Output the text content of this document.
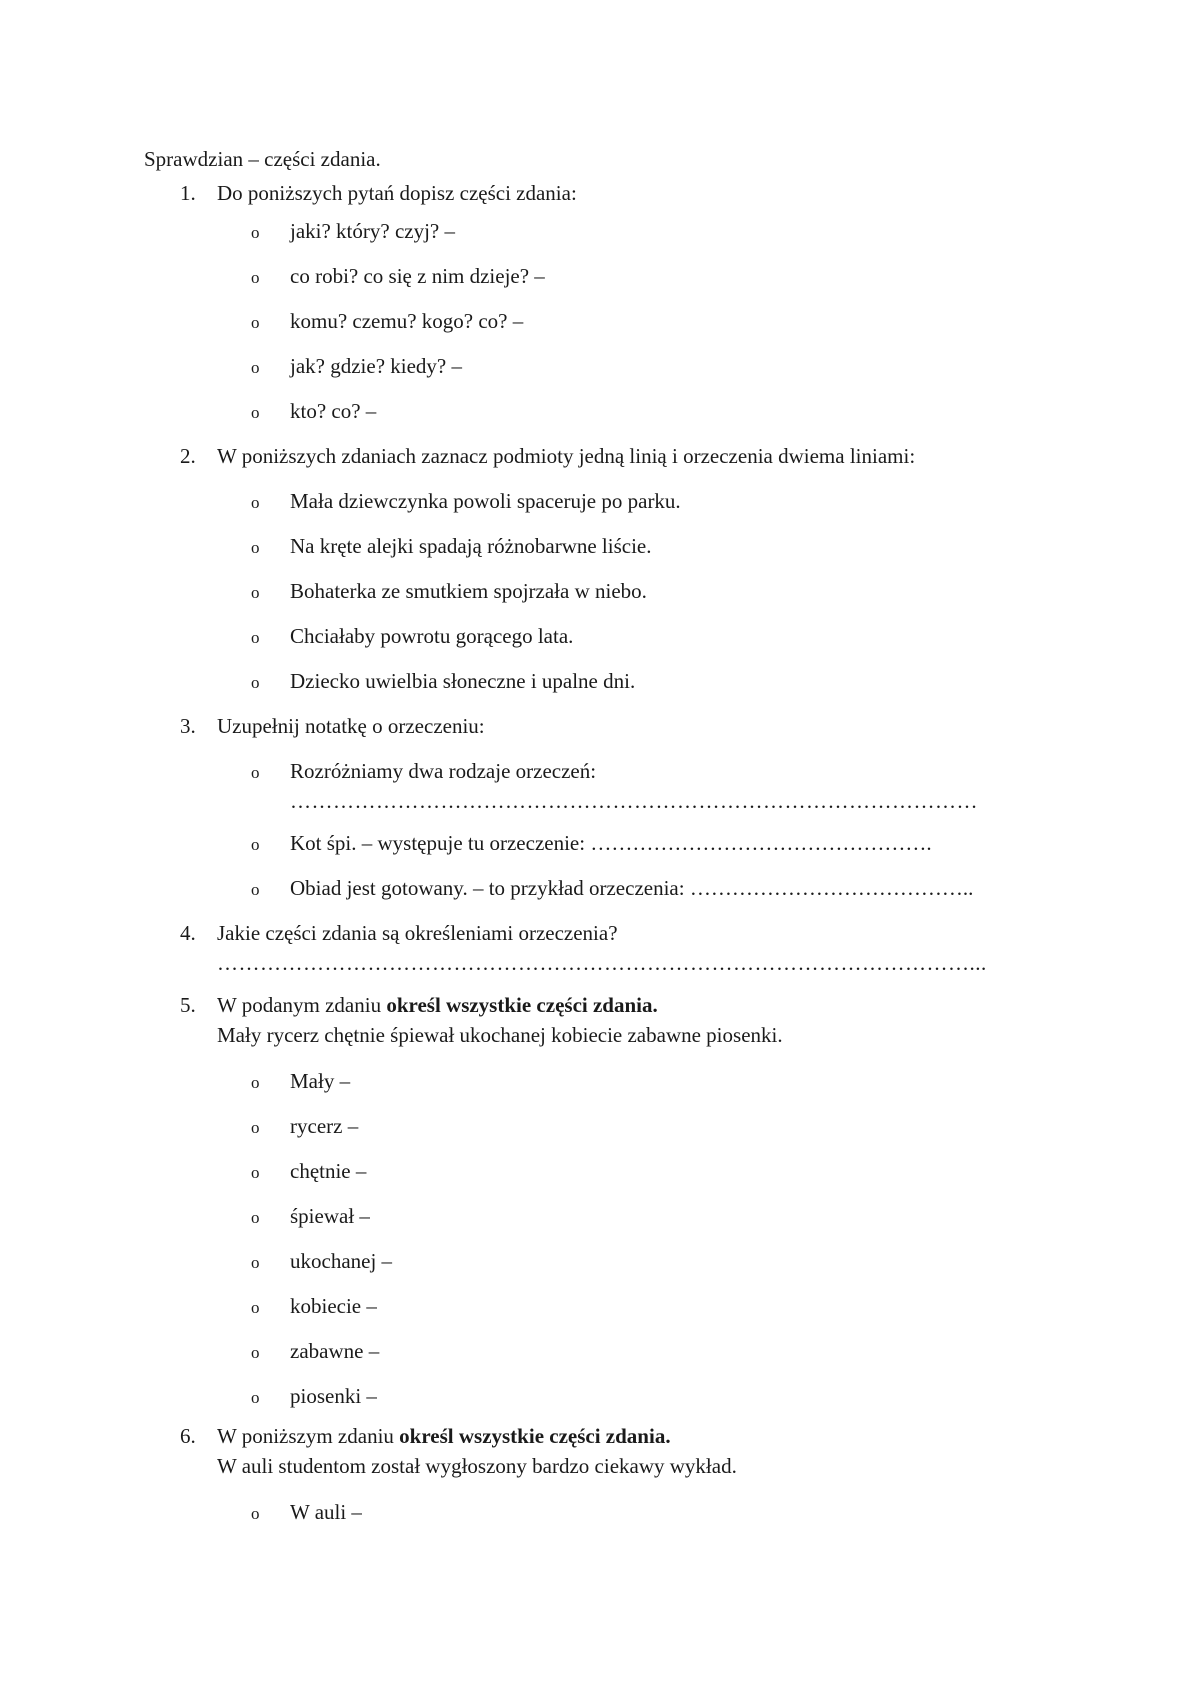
Sprawdzian – części zdania.
1. Do poniższych pytań dopisz części zdania:
o jaki? który? czyj? –
o co robi? co się z nim dzieje? –
o komu? czemu? kogo? co? –
o jak? gdzie? kiedy? –
o kto? co? –
2. W poniższych zdaniach zaznacz podmioty jedną linią i orzeczenia dwiema liniami:
o Mała dziewczynka powoli spaceruje po parku.
o Na kręte alejki spadają różnobarwne liście.
o Bohaterka ze smutkiem spojrzała w niebo.
o Chciałaby powrotu gorącego lata.
o Dziecko uwielbia słoneczne i upalne dni.
3. Uzupełnij notatkę o orzeczeniu:
o Rozróżniamy dwa rodzaje orzeczeń:
……………………………………………………………………………………
o Kot śpi. – występuje tu orzeczenie: ………………………………………….
o Obiad jest gotowany. – to przykład orzeczenia: …………………………………..
4. Jakie części zdania są określeniami orzeczenia?
……………………………………………………………………………………………...
5. W podanym zdaniu określ wszystkie części zdania.
Mały rycerz chętnie śpiewał ukochanej kobiecie zabawne piosenki.
o Mały –
o rycerz –
o chętnie –
o śpiewał –
o ukochanej –
o kobiecie –
o zabawne –
o piosenki –
6. W poniższym zdaniu określ wszystkie części zdania.
W auli studentom został wygłoszony bardzo ciekawy wykład.
o W auli –
